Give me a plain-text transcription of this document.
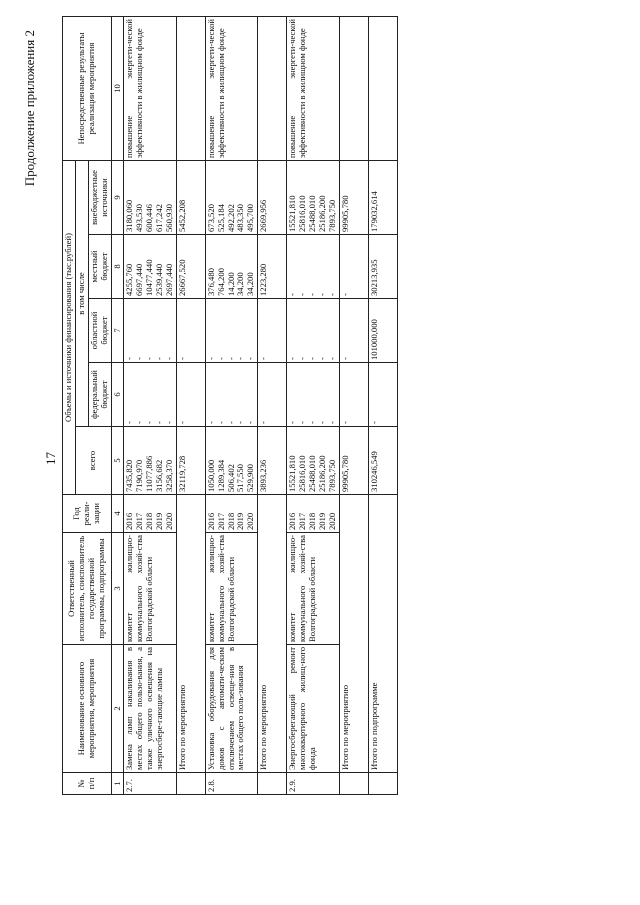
17
Продолжение приложения 2
№ п/п	Наименование основного мероприятия, мероприятия	Ответственный исполнитель, соисполнитель государственной программы, подпрограммы	Год реали-зации	Объемы и источники финансирования (тыс.рублей)					Непосредственные результаты реализации мероприятия
				всего	в том числе				
					федеральный бюджет	областной бюджет	местный бюджет	внебюджетные источники	
1	2	3	4	5	6	7	8	9	10
2.7.	Замена ламп накаливания в местах общего пользо-вания, а также уличного освещения на энергосбере-гающие лампы	комитет жилищно-коммунального хозяй-ства Волгоградской области	2016 2017 2018 2019 2020	7435,820 7190,970 11077,886 3156,682 3258,370	- - - - -	- - - - -	4255,760 6697,440 10477,440 2539,440 2697,440	3180,060 493,530 600,446 617,242 560,930	повышение энергети-ческой эффективности в жилищном фонде
	Итого по мероприятию			32119,728	-	-	26667,520	5452,208	
2.8.	Установка оборудования для домов с автомати-ческим отключением освеще-ния в местах общего поль-зования	комитет жилищно-коммунального хозяй-ства Волгоградской области	2016 2017 2018 2019 2020	1050,000 1289,384 506,402 517,550 529,900	- - - - -	- - - - -	376,480 764,200 14,200 34,200 34,200	673,520 525,184 492,202 483,350 495,700	повышение энергети-ческой эффективности в жилищном фонде
	Итого по мероприятию			3893,236	-	-	1223,280	2669,956	
2.9.	Энергосберегающий ремонт многоквартирного жилищ-ного фонда	комитет жилищно-коммунального хозяй-ства Волгоградской области	2016 2017 2018 2019 2020	15521,810 25816,010 25488,010 25186,200 7893,750	- - - - -	- - - - -	- - - - -	15521,810 25816,010 25488,010 25186,200 7893,750	повышение энергети-ческой эффективности в жилищном фонде
	Итого по мероприятию			99905,780	-	-	-	99905,780	
	Итого по подпрограмме			310246,549	-	101000,000	30213,935	179032,614	
